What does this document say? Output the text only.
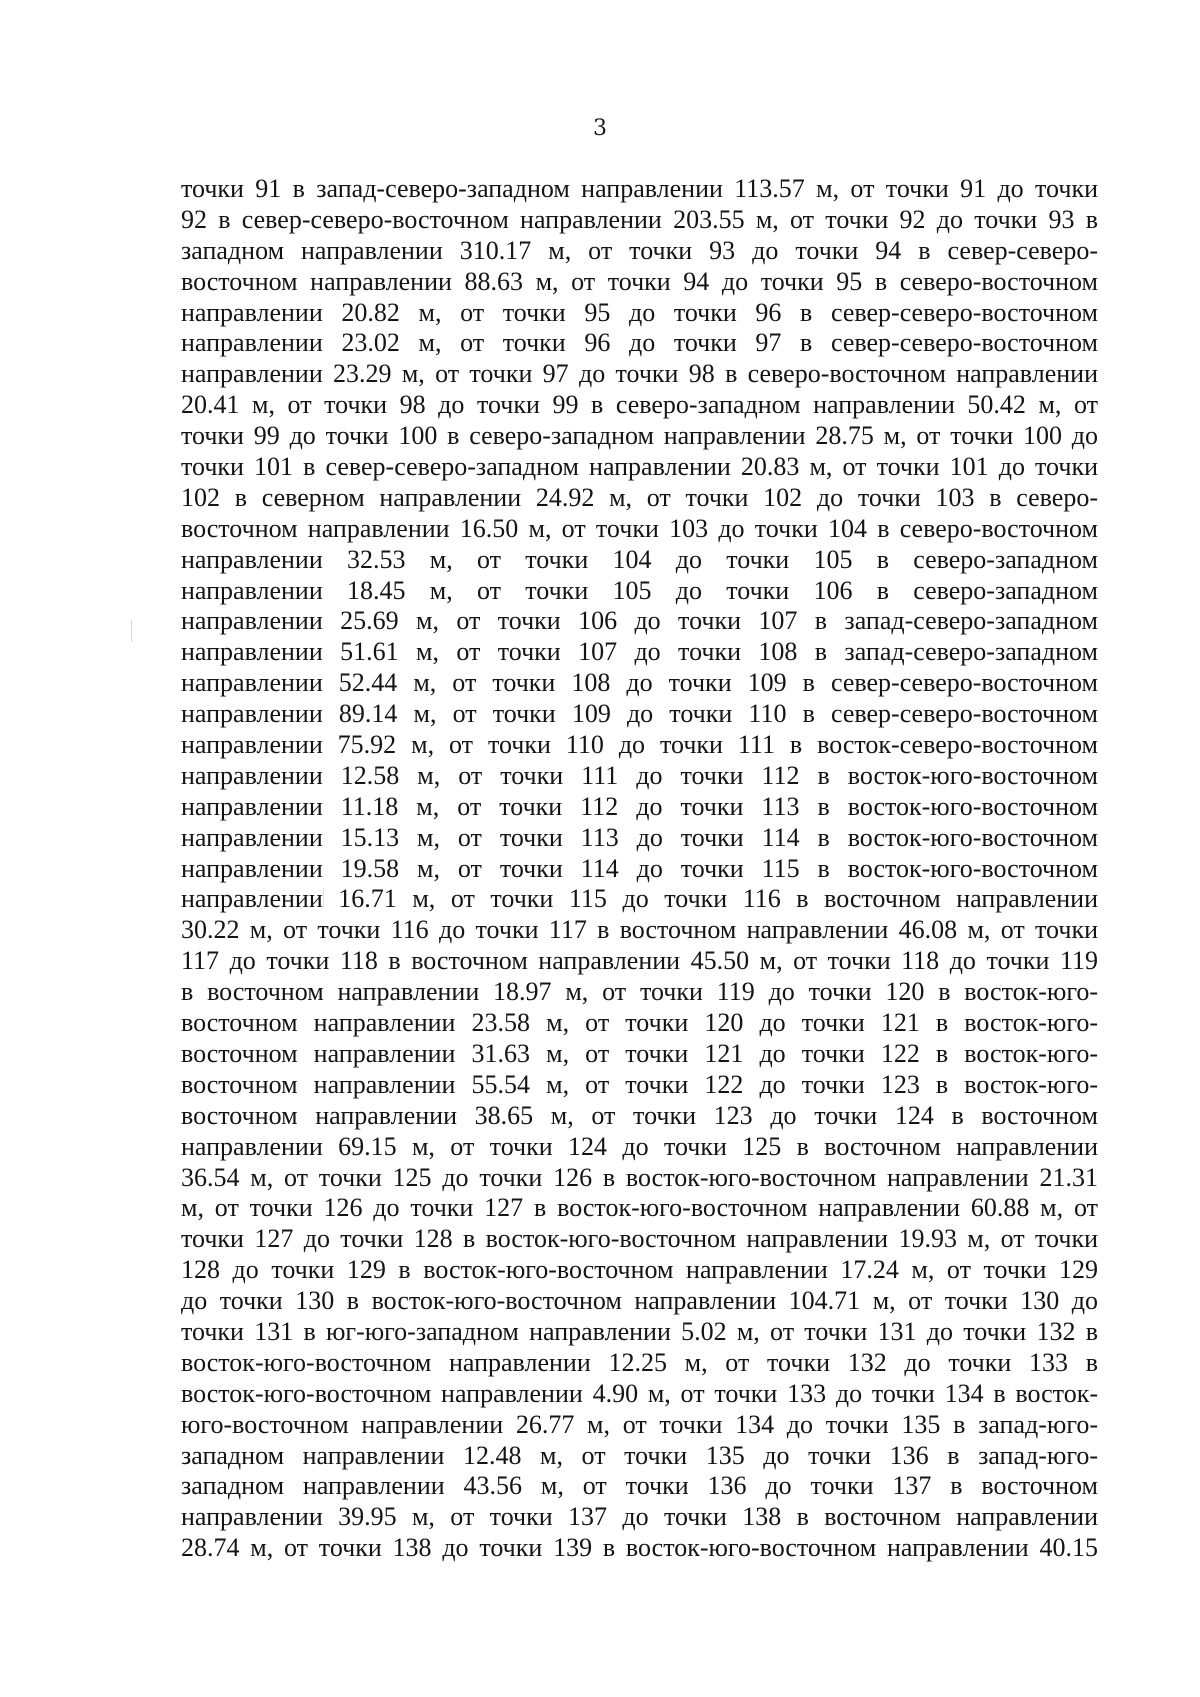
3
точки 91 в запад-северо-западном направлении 113.57 м, от точки 91 до точки
92 в север-северо-восточном направлении 203.55 м, от точки 92 до точки 93 в
западном направлении 310.17 м, от точки 93 до точки 94 в север-северо-
восточном направлении 88.63 м, от точки 94 до точки 95 в северо-восточном
направлении 20.82 м, от точки 95 до точки 96 в север-северо-восточном
направлении 23.02 м, от точки 96 до точки 97 в север-северо-восточном
направлении 23.29 м, от точки 97 до точки 98 в северо-восточном направлении
20.41 м, от точки 98 до точки 99 в северо-западном направлении 50.42 м, от
точки 99 до точки 100 в северо-западном направлении 28.75 м, от точки 100 до
точки 101 в север-северо-западном направлении 20.83 м, от точки 101 до точки
102 в северном направлении 24.92 м, от точки 102 до точки 103 в северо-
восточном направлении 16.50 м, от точки 103 до точки 104 в северо-восточном
направлении 32.53 м, от точки 104 до точки 105 в северо-западном
направлении 18.45 м, от точки 105 до точки 106 в северо-западном
направлении 25.69 м, от точки 106 до точки 107 в запад-северо-западном
направлении 51.61 м, от точки 107 до точки 108 в запад-северо-западном
направлении 52.44 м, от точки 108 до точки 109 в север-северо-восточном
направлении 89.14 м, от точки 109 до точки 110 в север-северо-восточном
направлении 75.92 м, от точки 110 до точки 111 в восток-северо-восточном
направлении 12.58 м, от точки 111 до точки 112 в восток-юго-восточном
направлении 11.18 м, от точки 112 до точки 113 в восток-юго-восточном
направлении 15.13 м, от точки 113 до точки 114 в восток-юго-восточном
направлении 19.58 м, от точки 114 до точки 115 в восток-юго-восточном
направлении 16.71 м, от точки 115 до точки 116 в восточном направлении
30.22 м, от точки 116 до точки 117 в восточном направлении 46.08 м, от точки
117 до точки 118 в восточном направлении 45.50 м, от точки 118 до точки 119
в восточном направлении 18.97 м, от точки 119 до точки 120 в восток-юго-
восточном направлении 23.58 м, от точки 120 до точки 121 в восток-юго-
восточном направлении 31.63 м, от точки 121 до точки 122 в восток-юго-
восточном направлении 55.54 м, от точки 122 до точки 123 в восток-юго-
восточном направлении 38.65 м, от точки 123 до точки 124 в восточном
направлении 69.15 м, от точки 124 до точки 125 в восточном направлении
36.54 м, от точки 125 до точки 126 в восток-юго-восточном направлении 21.31
м, от точки 126 до точки 127 в восток-юго-восточном направлении 60.88 м, от
точки 127 до точки 128 в восток-юго-восточном направлении 19.93 м, от точки
128 до точки 129 в восток-юго-восточном направлении 17.24 м, от точки 129
до точки 130 в восток-юго-восточном направлении 104.71 м, от точки 130 до
точки 131 в юг-юго-западном направлении 5.02 м, от точки 131 до точки 132 в
восток-юго-восточном направлении 12.25 м, от точки 132 до точки 133 в
восток-юго-восточном направлении 4.90 м, от точки 133 до точки 134 в восток-
юго-восточном направлении 26.77 м, от точки 134 до точки 135 в запад-юго-
западном направлении 12.48 м, от точки 135 до точки 136 в запад-юго-
западном направлении 43.56 м, от точки 136 до точки 137 в восточном
направлении 39.95 м, от точки 137 до точки 138 в восточном направлении
28.74 м, от точки 138 до точки 139 в восток-юго-восточном направлении 40.15
